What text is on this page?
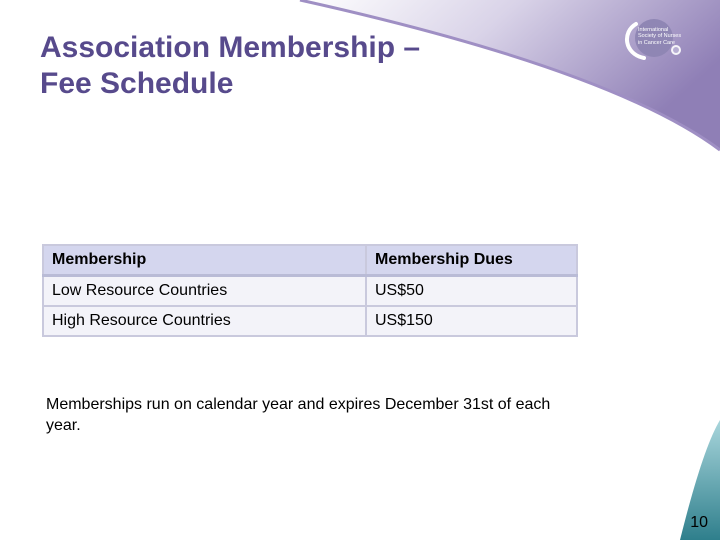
Association Membership –
Fee Schedule
International
Society of Nurses
in Cancer Care
Membership	Membership Dues
Low Resource Countries	US$50
High Resource Countries	US$150

Memberships run on calendar year and expires December 31st of each year.

10
